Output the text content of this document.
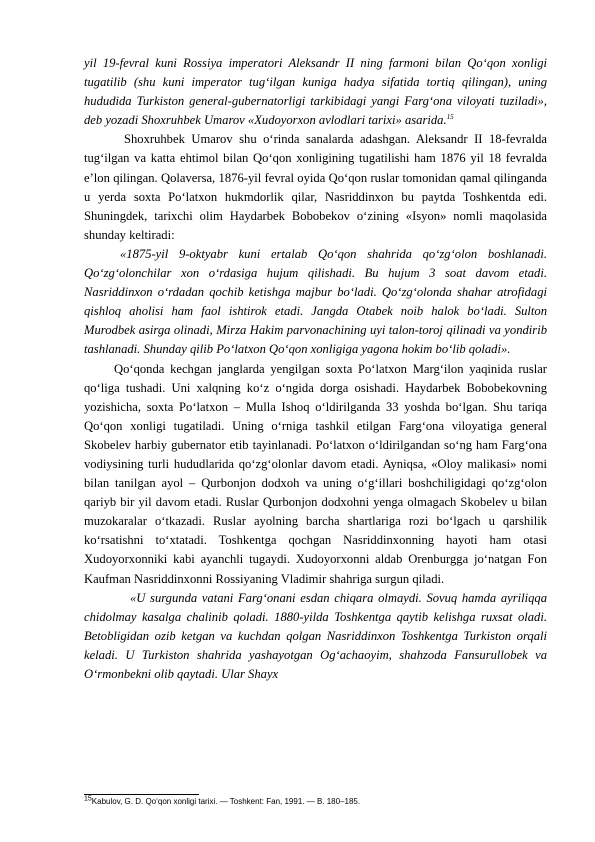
yil 19-fevral kuni Rossiya imperatori Aleksandr II ning farmoni bilan Qo‘qon xonligi tugatilib (shu kuni imperator tug‘ilgan kuniga hadya sifatida tortiq qilingan), uning hududida Turkiston general-gubernatorligi tarkibidagi yangi Farg‘ona viloyati tuziladi», deb yozadi Shoxruhbek Umarov «Xudoyorxon avlodlari tarixi» asarida.$^{15}$

Shoxruhbek Umarov shu o‘rinda sanalarda adashgan. Aleksandr II 18-fevralda tug‘ilgan va katta ehtimol bilan Qo‘qon xonligining tugatilishi ham 1876 yil 18 fevralda e’lon qilingan. Qolaversa, 1876-yil fevral oyida Qo‘qon ruslar tomonidan qamal qilinganda u yerda soxta Po‘latxon hukmdorlik qilar, Nasriddinxon bu paytda Toshkentda edi. Shuningdek, tarixchi olim Haydarbek Bobobekov o‘zining «Isyon» nomli maqolasida shunday keltiradi:

«1875-yil 9-oktyabr kuni ertalab Qo‘qon shahrida qo‘zg‘olon boshlanadi. Qo‘zg‘olonchilar xon o‘rdasiga hujum qilishadi. Bu hujum 3 soat davom etadi. Nasriddinxon o‘rdadan qochib ketishga majbur bo‘ladi. Qo‘zg‘olonda shahar atrofidagi qishloq aholisi ham faol ishtirok etadi. Jangda Otabek noib halok bo‘ladi. Sulton Murodbek asirga olinadi, Mirza Hakim parvonachining uyi talon-toroj qilinadi va yondirib tashlanadi. Shunday qilib Po‘latxon Qo‘qon xonligiga yagona hokim bo‘lib qoladi».

Qo‘qonda kechgan janglarda yengilgan soxta Po‘latxon Marg‘ilon yaqinida ruslar qo‘liga tushadi. Uni xalqning ko‘z o‘ngida dorga osishadi. Haydarbek Bobobekovning yozishicha, soxta Po‘latxon – Mulla Ishoq o‘ldirilganda 33 yoshda bo‘lgan. Shu tariqa Qo‘qon xonligi tugatiladi. Uning o‘rniga tashkil etilgan Farg‘ona viloyatiga general Skobelev harbiy gubernator etib tayinlanadi. Po‘latxon o‘ldirilgandan so‘ng ham Farg‘ona vodiysining turli hududlarida qo‘zg‘olonlar davom etadi. Ayniqsa, «Oloy malikasi» nomi bilan tanilgan ayol – Qurbonjon dodxoh va uning o‘g‘illari boshchiligidagi qo‘zg‘olon qariyb bir yil davom etadi. Ruslar Qurbonjon dodxohni yenga olmagach Skobelev u bilan muzokaralar o‘tkazadi. Ruslar ayolning barcha shartlariga rozi bo‘lgach u qarshilik ko‘rsatishni to‘xtatadi. Toshkentga qochgan Nasriddinxonning hayoti ham otasi Xudoyorxonniki kabi ayanchli tugaydi. Xudoyorxonni aldab Orenburgga jo‘natgan Fon Kaufman Nasriddinxonni Rossiyaning Vladimir shahriga surgun qiladi.

«U surgunda vatani Farg‘onani esdan chiqara olmaydi. Sovuq hamda ayriliqqa chidolmay kasalga chalinib qoladi. 1880-yilda Toshkentga qaytib kelishga ruxsat oladi. Betobligidan ozib ketgan va kuchdan qolgan Nasriddinxon Toshkentga Turkiston orqali keladi. U Turkiston shahrida yashayotgan Og‘achaoyim, shahzoda Fansurullobek va O‘rmonbekni olib qaytadi. Ular Shayx

$^{15}$Kabulov, G. D. Qo‘qon xonligi tarixi. — Toshkent: Fan, 1991. — B. 180–185.
